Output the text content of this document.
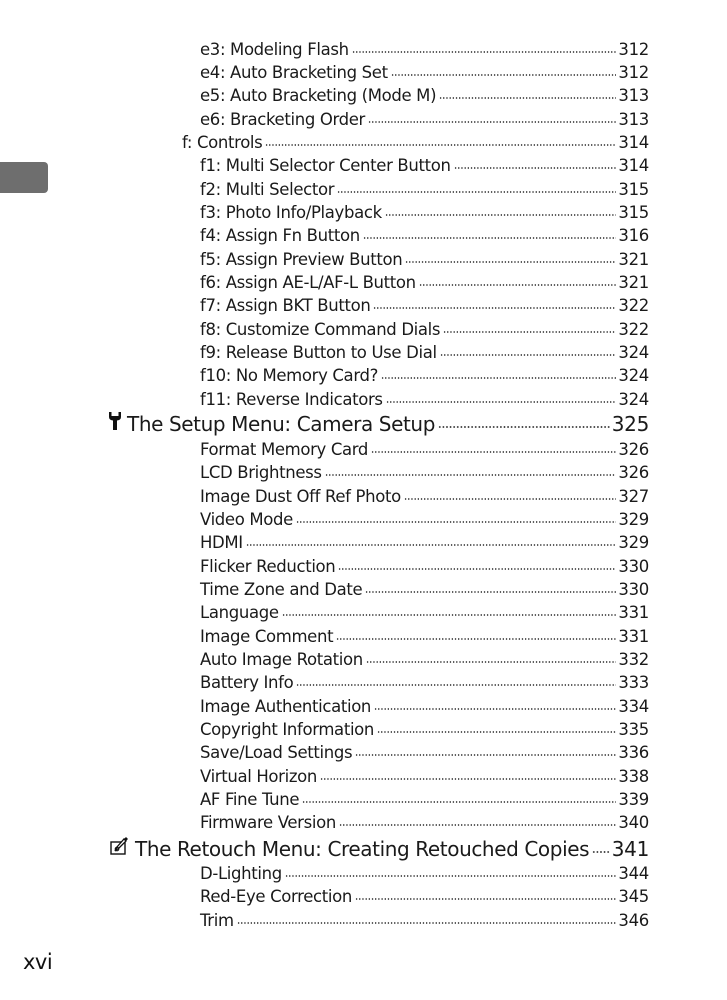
e3: Modeling Flash	312
e4: Auto Bracketing Set	312
e5: Auto Bracketing (Mode M)	313
e6: Bracketing Order	313
f: Controls	314
f1: Multi Selector Center Button	314
f2: Multi Selector	315
f3: Photo Info/Playback	315
f4: Assign Fn Button	316
f5: Assign Preview Button	321
f6: Assign AE-L/AF-L Button	321
f7: Assign BKT Button	322
f8: Customize Command Dials	322
f9: Release Button to Use Dial	324
f10: No Memory Card?	324
f11: Reverse Indicators	324
The Setup Menu: Camera Setup	325
Format Memory Card	326
LCD Brightness	326
Image Dust Off Ref Photo	327
Video Mode	329
HDMI	329
Flicker Reduction	330
Time Zone and Date	330
Language	331
Image Comment	331
Auto Image Rotation	332
Battery Info	333
Image Authentication	334
Copyright Information	335
Save/Load Settings	336
Virtual Horizon	338
AF Fine Tune	339
Firmware Version	340
The Retouch Menu: Creating Retouched Copies 341
D-Lighting	344
Red-Eye Correction	345
Trim	346
xvi
